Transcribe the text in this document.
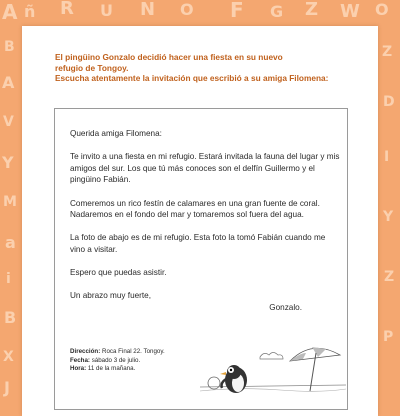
A ñ R U N O F G Z W O
B
A
V
Y
M
a
i
B
X
J
Z
D
I
Y
Z
P
El pingüino Gonzalo decidió hacer una fiesta en su nuevo
refugio de Tongoy.
Escucha atentamente la invitación que escribió a su amiga Filomena:

Querida amiga Filomena:

Te invito a una fiesta en mi refugio. Estará invitada la fauna del lugar y mis amigos del sur. Los que tú más conoces son el delfín Guillermo y el pingüino Fabián.

Comeremos un rico festín de calamares en una gran fuente de coral. Nadaremos en el fondo del mar y tomaremos sol fuera del agua.

La foto de abajo es de mi refugio. Esta foto la tomó Fabián cuando me vino a visitar.

Espero que puedas asistir.

Un abrazo muy fuerte,

Gonzalo.

Dirección: Roca Final 22. Tongoy.
Fecha: sábado 3 de julio.
Hora: 11 de la mañana.
